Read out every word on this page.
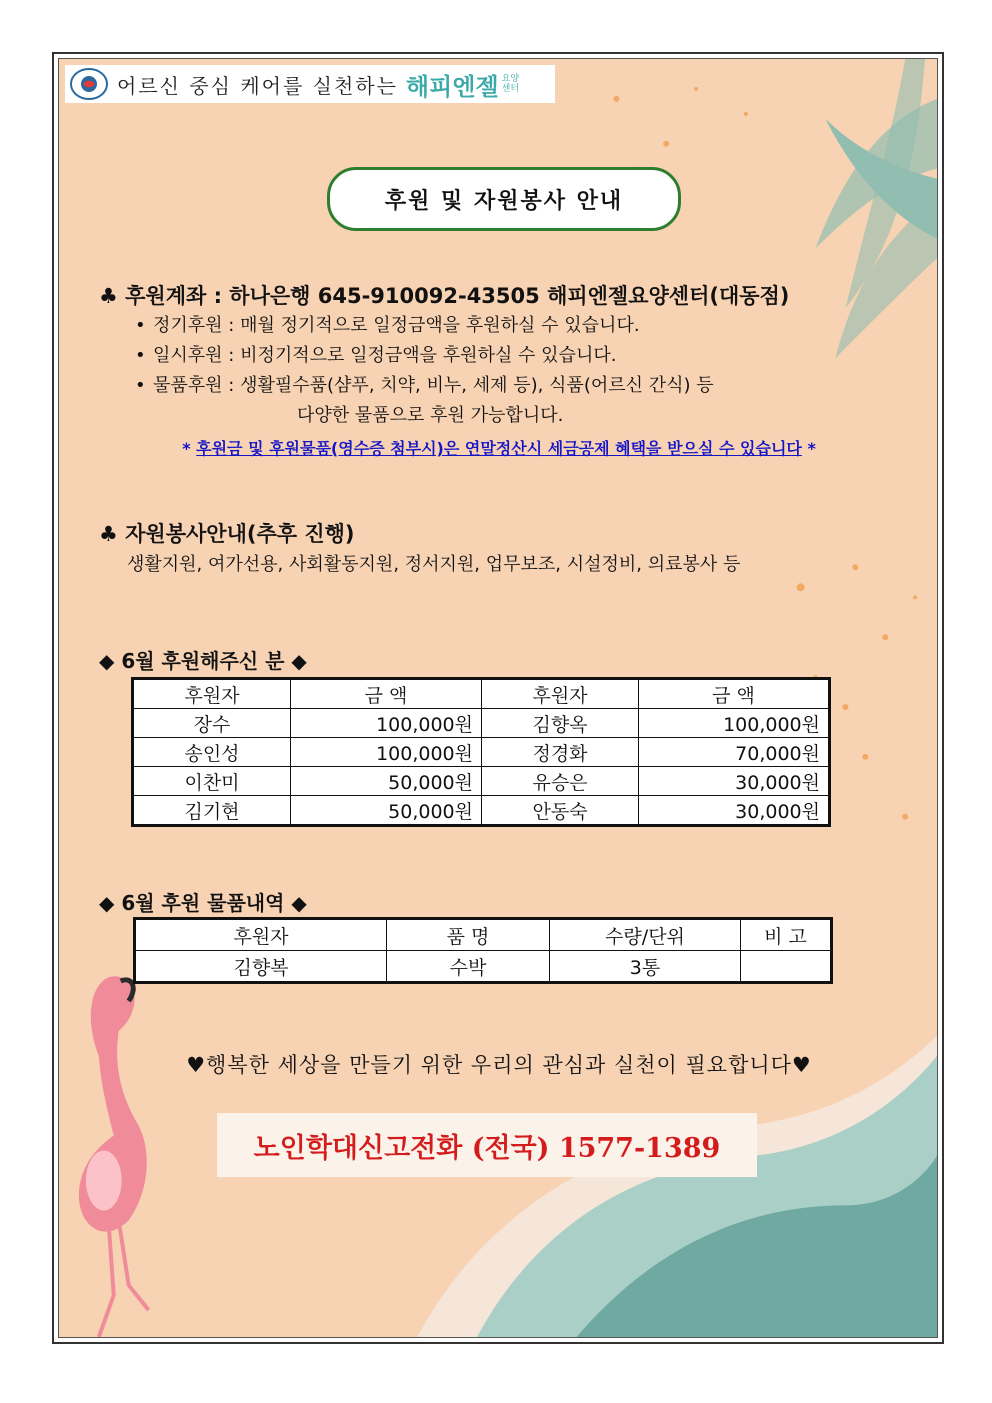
어르신 중심 케어를 실천하는 해피엔젤 요양
센터
후원 및 자원봉사 안내
♣ 후원계좌 : 하나은행 645-910092-43505 해피엔젤요양센터(대동점)
• 정기후원 : 매월 정기적으로 일정금액을 후원하실 수 있습니다.
• 일시후원 : 비정기적으로 일정금액을 후원하실 수 있습니다.
• 물품후원 : 생활필수품(샴푸, 치약, 비누, 세제 등), 식품(어르신 간식) 등
다양한 물품으로 후원 가능합니다.
* 후원금 및 후원물품(영수증 첨부시)은 연말정산시 세금공제 혜택을 받으실 수 있습니다 *
♣ 자원봉사안내(추후 진행)
생활지원, 여가선용, 사회활동지원, 정서지원, 업무보조, 시설정비, 의료봉사 등
◆ 6월 후원해주신 분 ◆
후원자	금 액	후원자	금 액
장수	100,000원	김향옥	100,000원
송인성	100,000원	정경화	70,000원
이찬미	50,000원	유승은	30,000원
김기현	50,000원	안동숙	30,000원
◆ 6월 후원 물품내역 ◆
후원자	품 명	수량/단위	비 고
김향복	수박	3통	
♥행복한 세상을 만들기 위한 우리의 관심과 실천이 필요합니다♥
노인학대신고전화 (전국) 1577-1389
